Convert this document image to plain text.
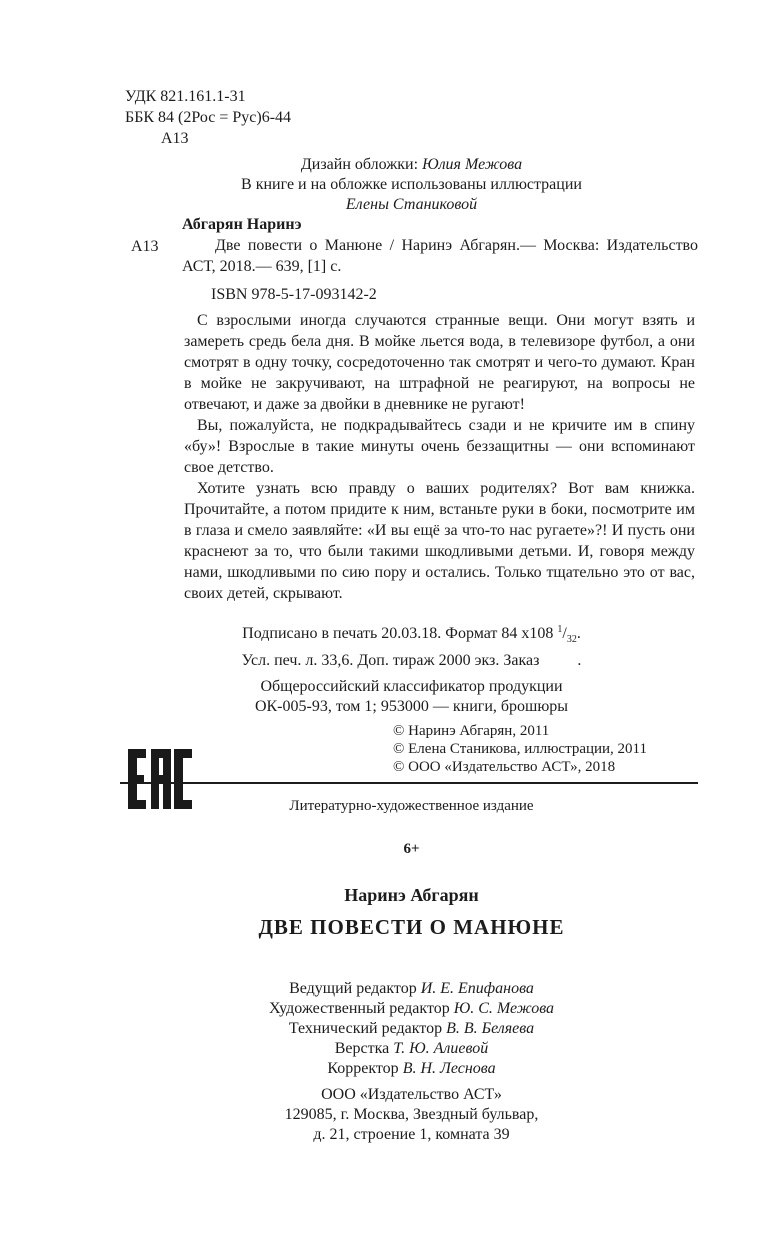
УДК 821.161.1-31
ББК 84 (2Рос = Рус)6-44
А13
Дизайн обложки: Юлия Межова
В книге и на обложке использованы иллюстрации
Елены Станиковой
Абгарян Наринэ
Две повести о Манюне / Наринэ Абгарян.— Москва: Издательство АСТ, 2018.— 639, [1] с.
А13
ISBN 978-5-17-093142-2

С взрослыми иногда случаются странные вещи. Они могут взять и замереть средь бела дня. В мойке льется вода, в телевизоре футбол, а они смотрят в одну точку, сосредоточенно так смотрят и чего-то думают. Кран в мойке не закручивают, на штрафной не реагируют, на вопросы не отвечают, и даже за двойки в дневнике не ругают!

Вы, пожалуйста, не подкрадывайтесь сзади и не кричите им в спину «бу»! Взрослые в такие минуты очень беззащитны — они вспоминают свое детство.

Хотите узнать всю правду о ваших родителях? Вот вам книжка. Прочитайте, а потом придите к ним, встаньте руки в боки, посмотрите им в глаза и смело заявляйте: «И вы ещё за что-то нас ругаете»?! И пусть они краснеют за то, что были такими шкодливыми детьми. И, говоря между нами, шкодливыми по сию пору и остались. Только тщательно это от вас, своих детей, скрывают.

Подписано в печать 20.03.18. Формат 84 х108 $^1/_{32}$.
Усл. печ. л. 33,6. Доп. тираж 2000 экз. Заказ .
Общероссийский классификатор продукции
ОК-005-93, том 1; 953000 — книги, брошюры
© Наринэ Абгарян, 2011
© Елена Станикова, иллюстрации, 2011
© ООО «Издательство АСТ», 2018
Литературно-художественное издание
6+
Наринэ Абгарян
ДВЕ ПОВЕСТИ О МАНЮНЕ
Ведущий редактор И. Е. Епифанова
Художественный редактор Ю. С. Межова
Технический редактор В. В. Беляева
Верстка Т. Ю. Алиевой
Корректор В. Н. Леснова
ООО «Издательство АСТ»
129085, г. Москва, Звездный бульвар,
д. 21, строение 1, комната 39
